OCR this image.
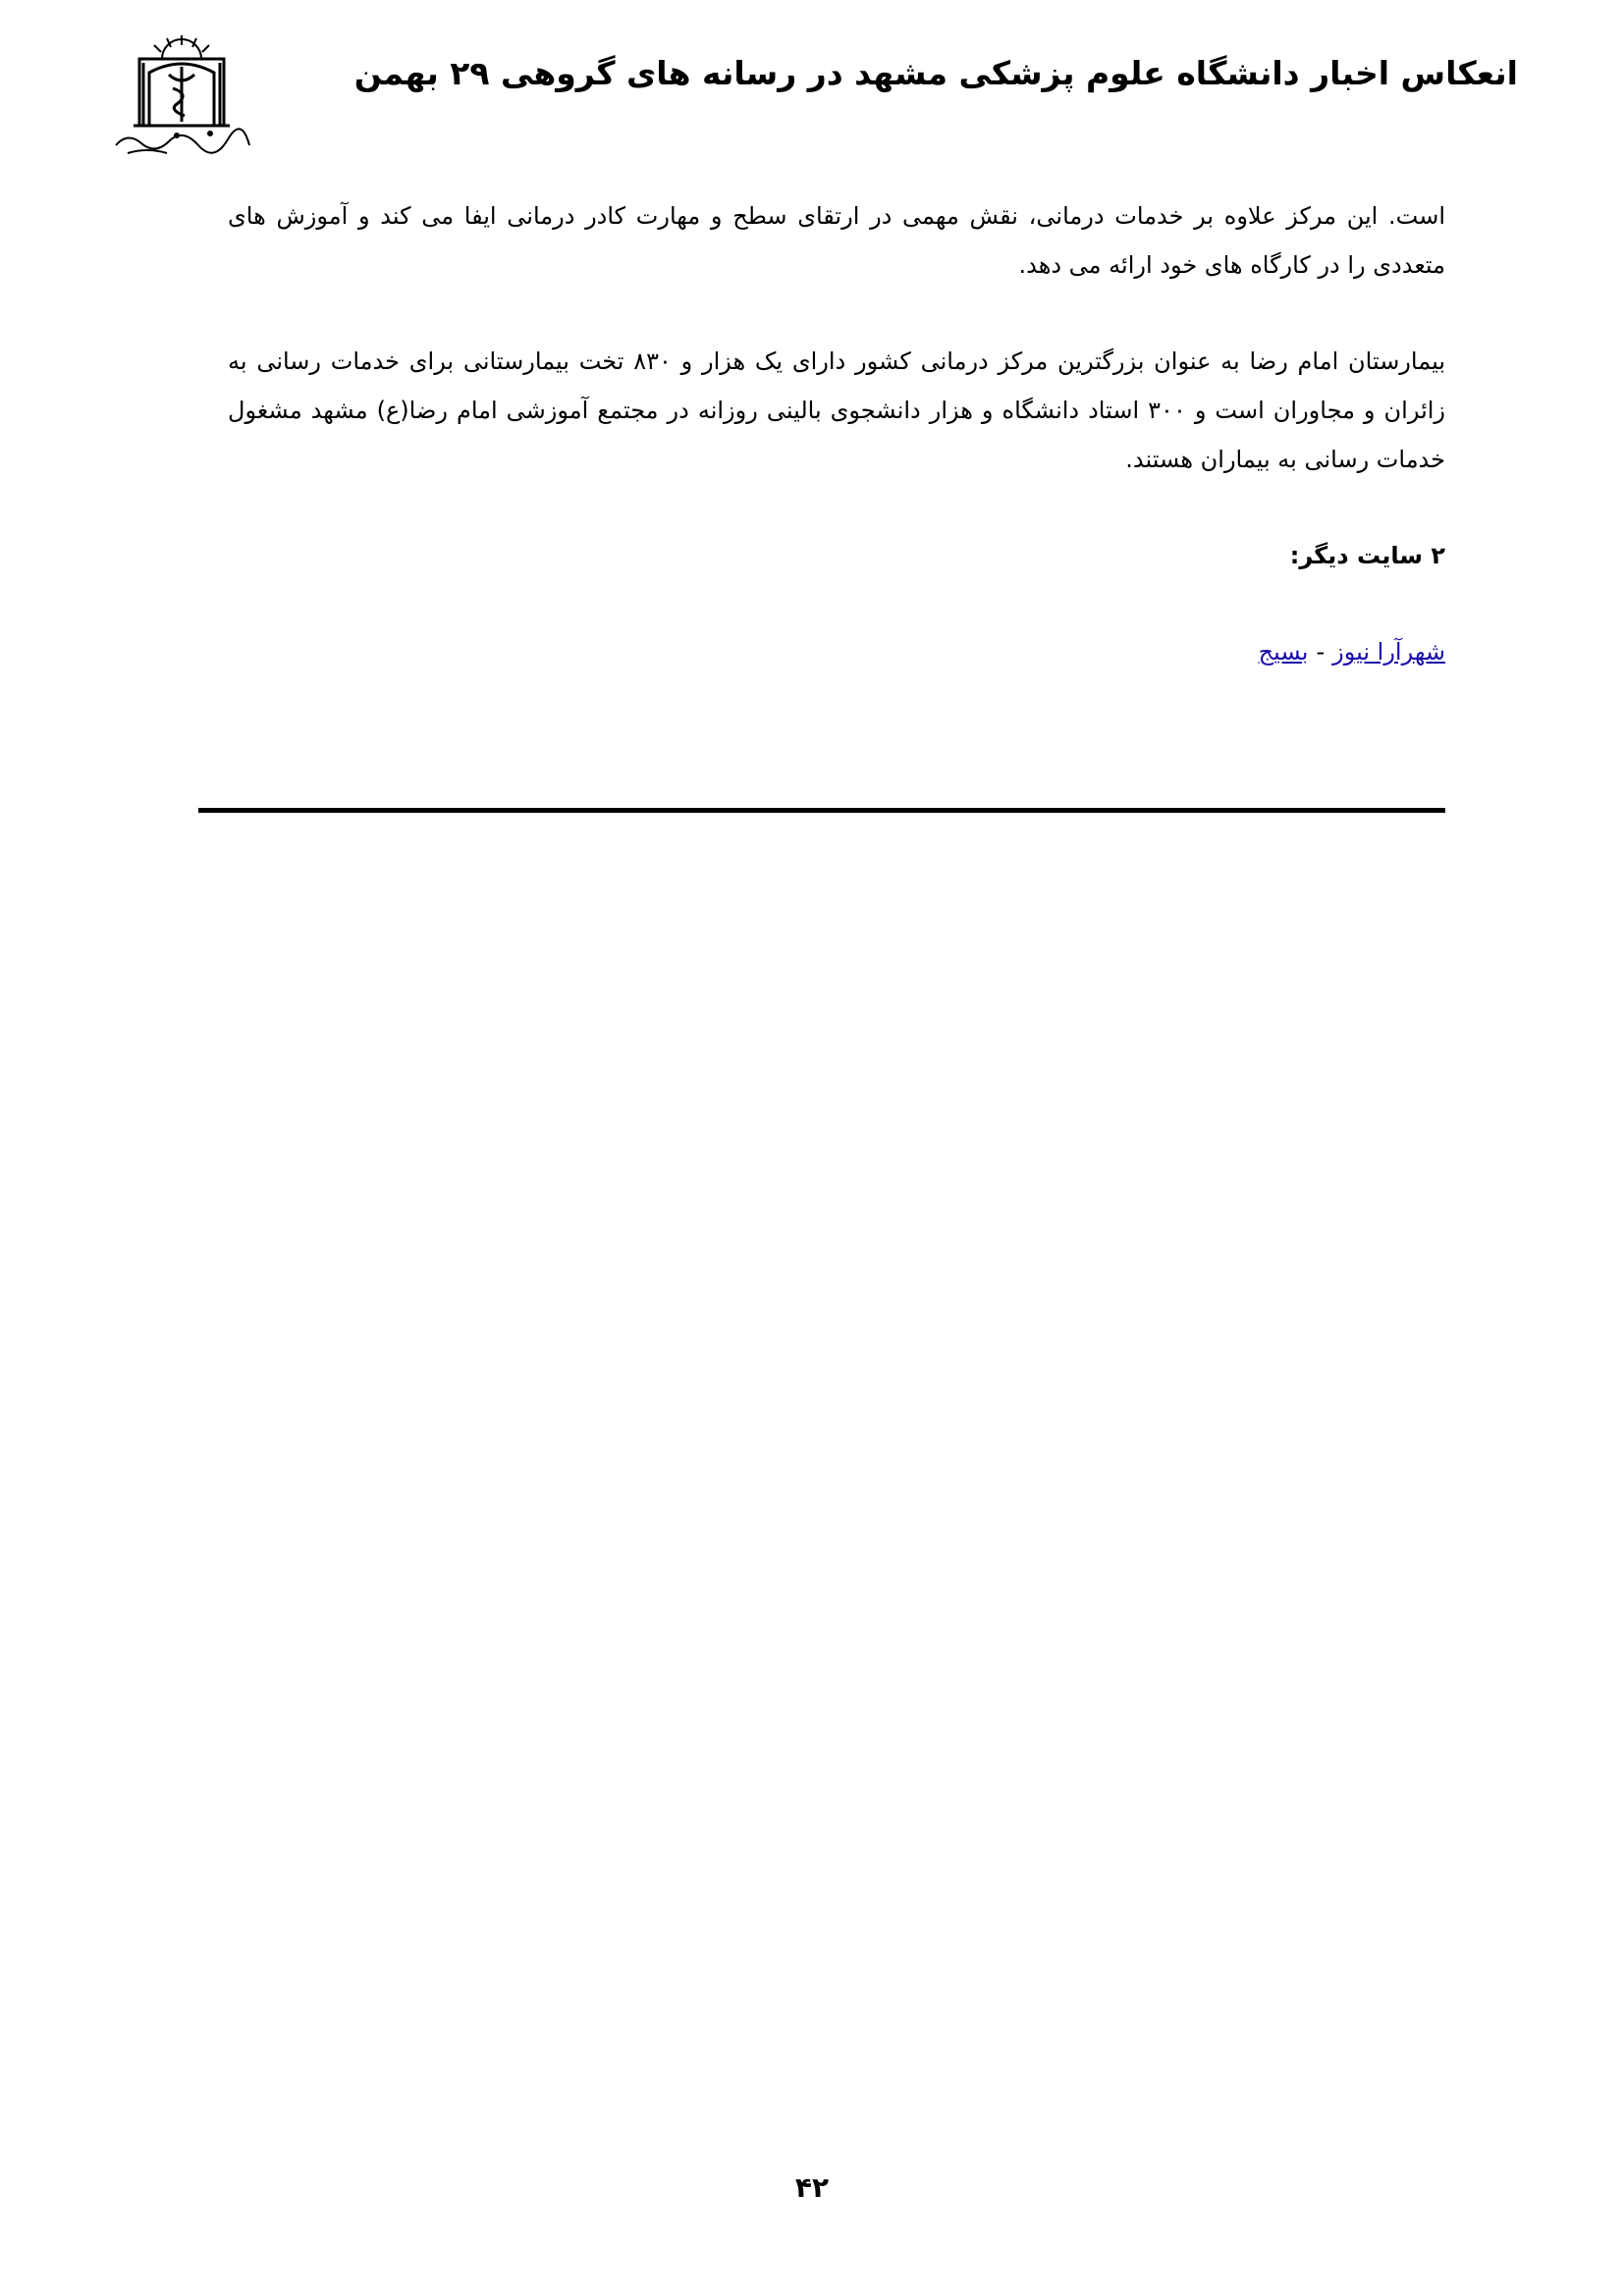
انعکاس اخبار دانشگاه علوم پزشکی مشهد در رسانه های گروهی ۲۹ بهمن

است. این مرکز علاوه بر خدمات درمانی، نقش مهمی در ارتقای سطح و مهارت کادر درمانی ایفا می کند و آموزش های متعددی را در کارگاه های خود ارائه می دهد.

بیمارستان امام رضا به عنوان بزرگترین مرکز درمانی کشور دارای یک هزار و ۸۳۰ تخت بیمارستانی برای خدمات رسانی به زائران و مجاوران است و ۳۰۰ استاد دانشگاه و هزار دانشجوی بالینی روزانه در مجتمع آموزشی امام رضا(ع) مشهد مشغول خدمات رسانی به بیماران هستند.

۲ سایت دیگر:

شهرآرا نیوز-بسیج

۴۲
